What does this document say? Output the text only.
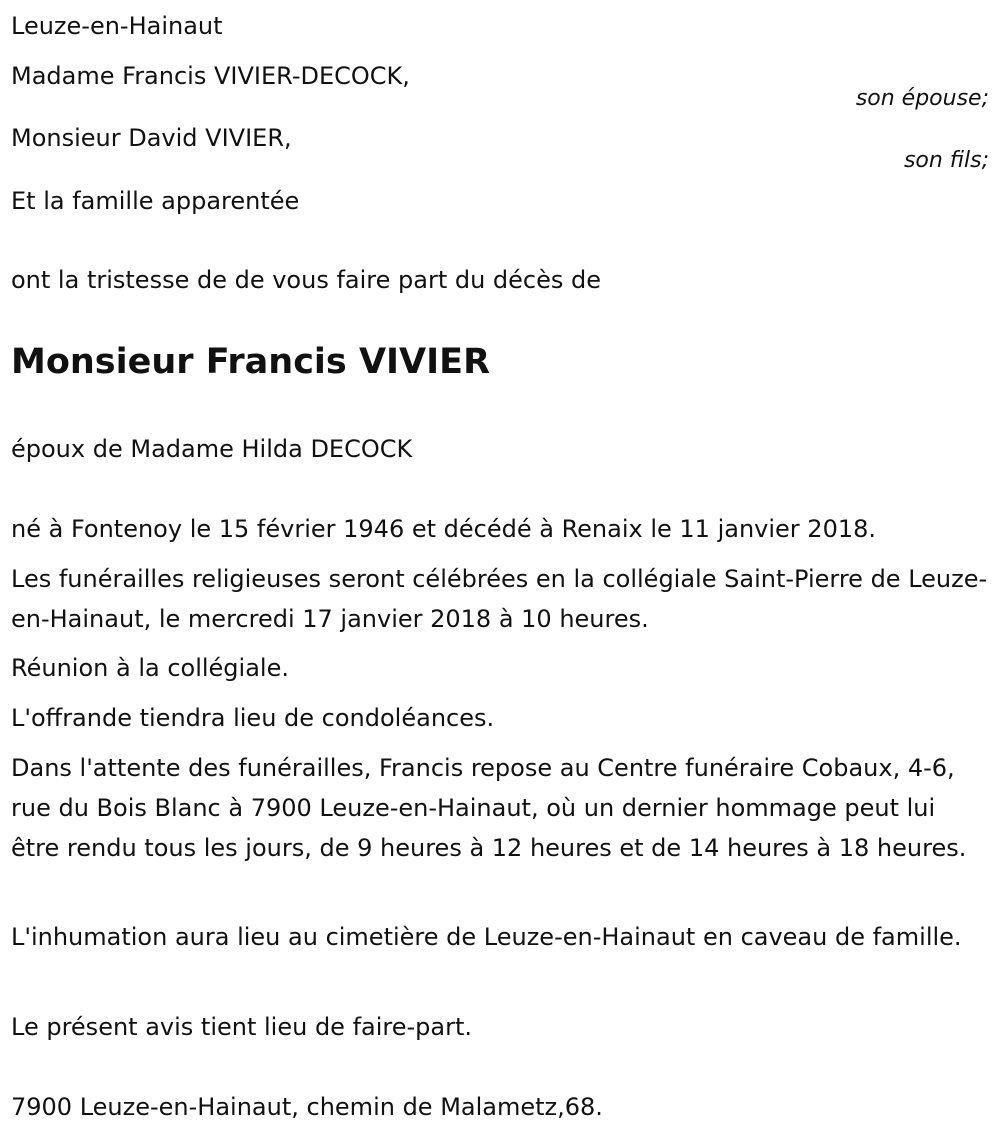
Leuze-en-Hainaut
Madame Francis VIVIER-DECOCK,
son épouse;
Monsieur David VIVIER,
son fils;
Et la famille apparentée
ont la tristesse de de vous faire part du décès de
Monsieur Francis VIVIER
époux de Madame Hilda DECOCK
né à Fontenoy le 15 février 1946 et décédé à Renaix le 11 janvier 2018.
Les funérailles religieuses seront célébrées en la collégiale Saint-Pierre de Leuze-en-Hainaut, le mercredi 17 janvier 2018 à 10 heures.
Réunion à la collégiale.
L'offrande tiendra lieu de condoléances.
Dans l'attente des funérailles, Francis repose au Centre funéraire Cobaux, 4-6, rue du Bois Blanc à 7900 Leuze-en-Hainaut, où un dernier hommage peut lui être rendu tous les jours, de 9 heures à 12 heures et de 14 heures à 18 heures.
L'inhumation aura lieu au cimetière de Leuze-en-Hainaut en caveau de famille.
Le présent avis tient lieu de faire-part.
7900 Leuze-en-Hainaut, chemin de Malametz,68.
